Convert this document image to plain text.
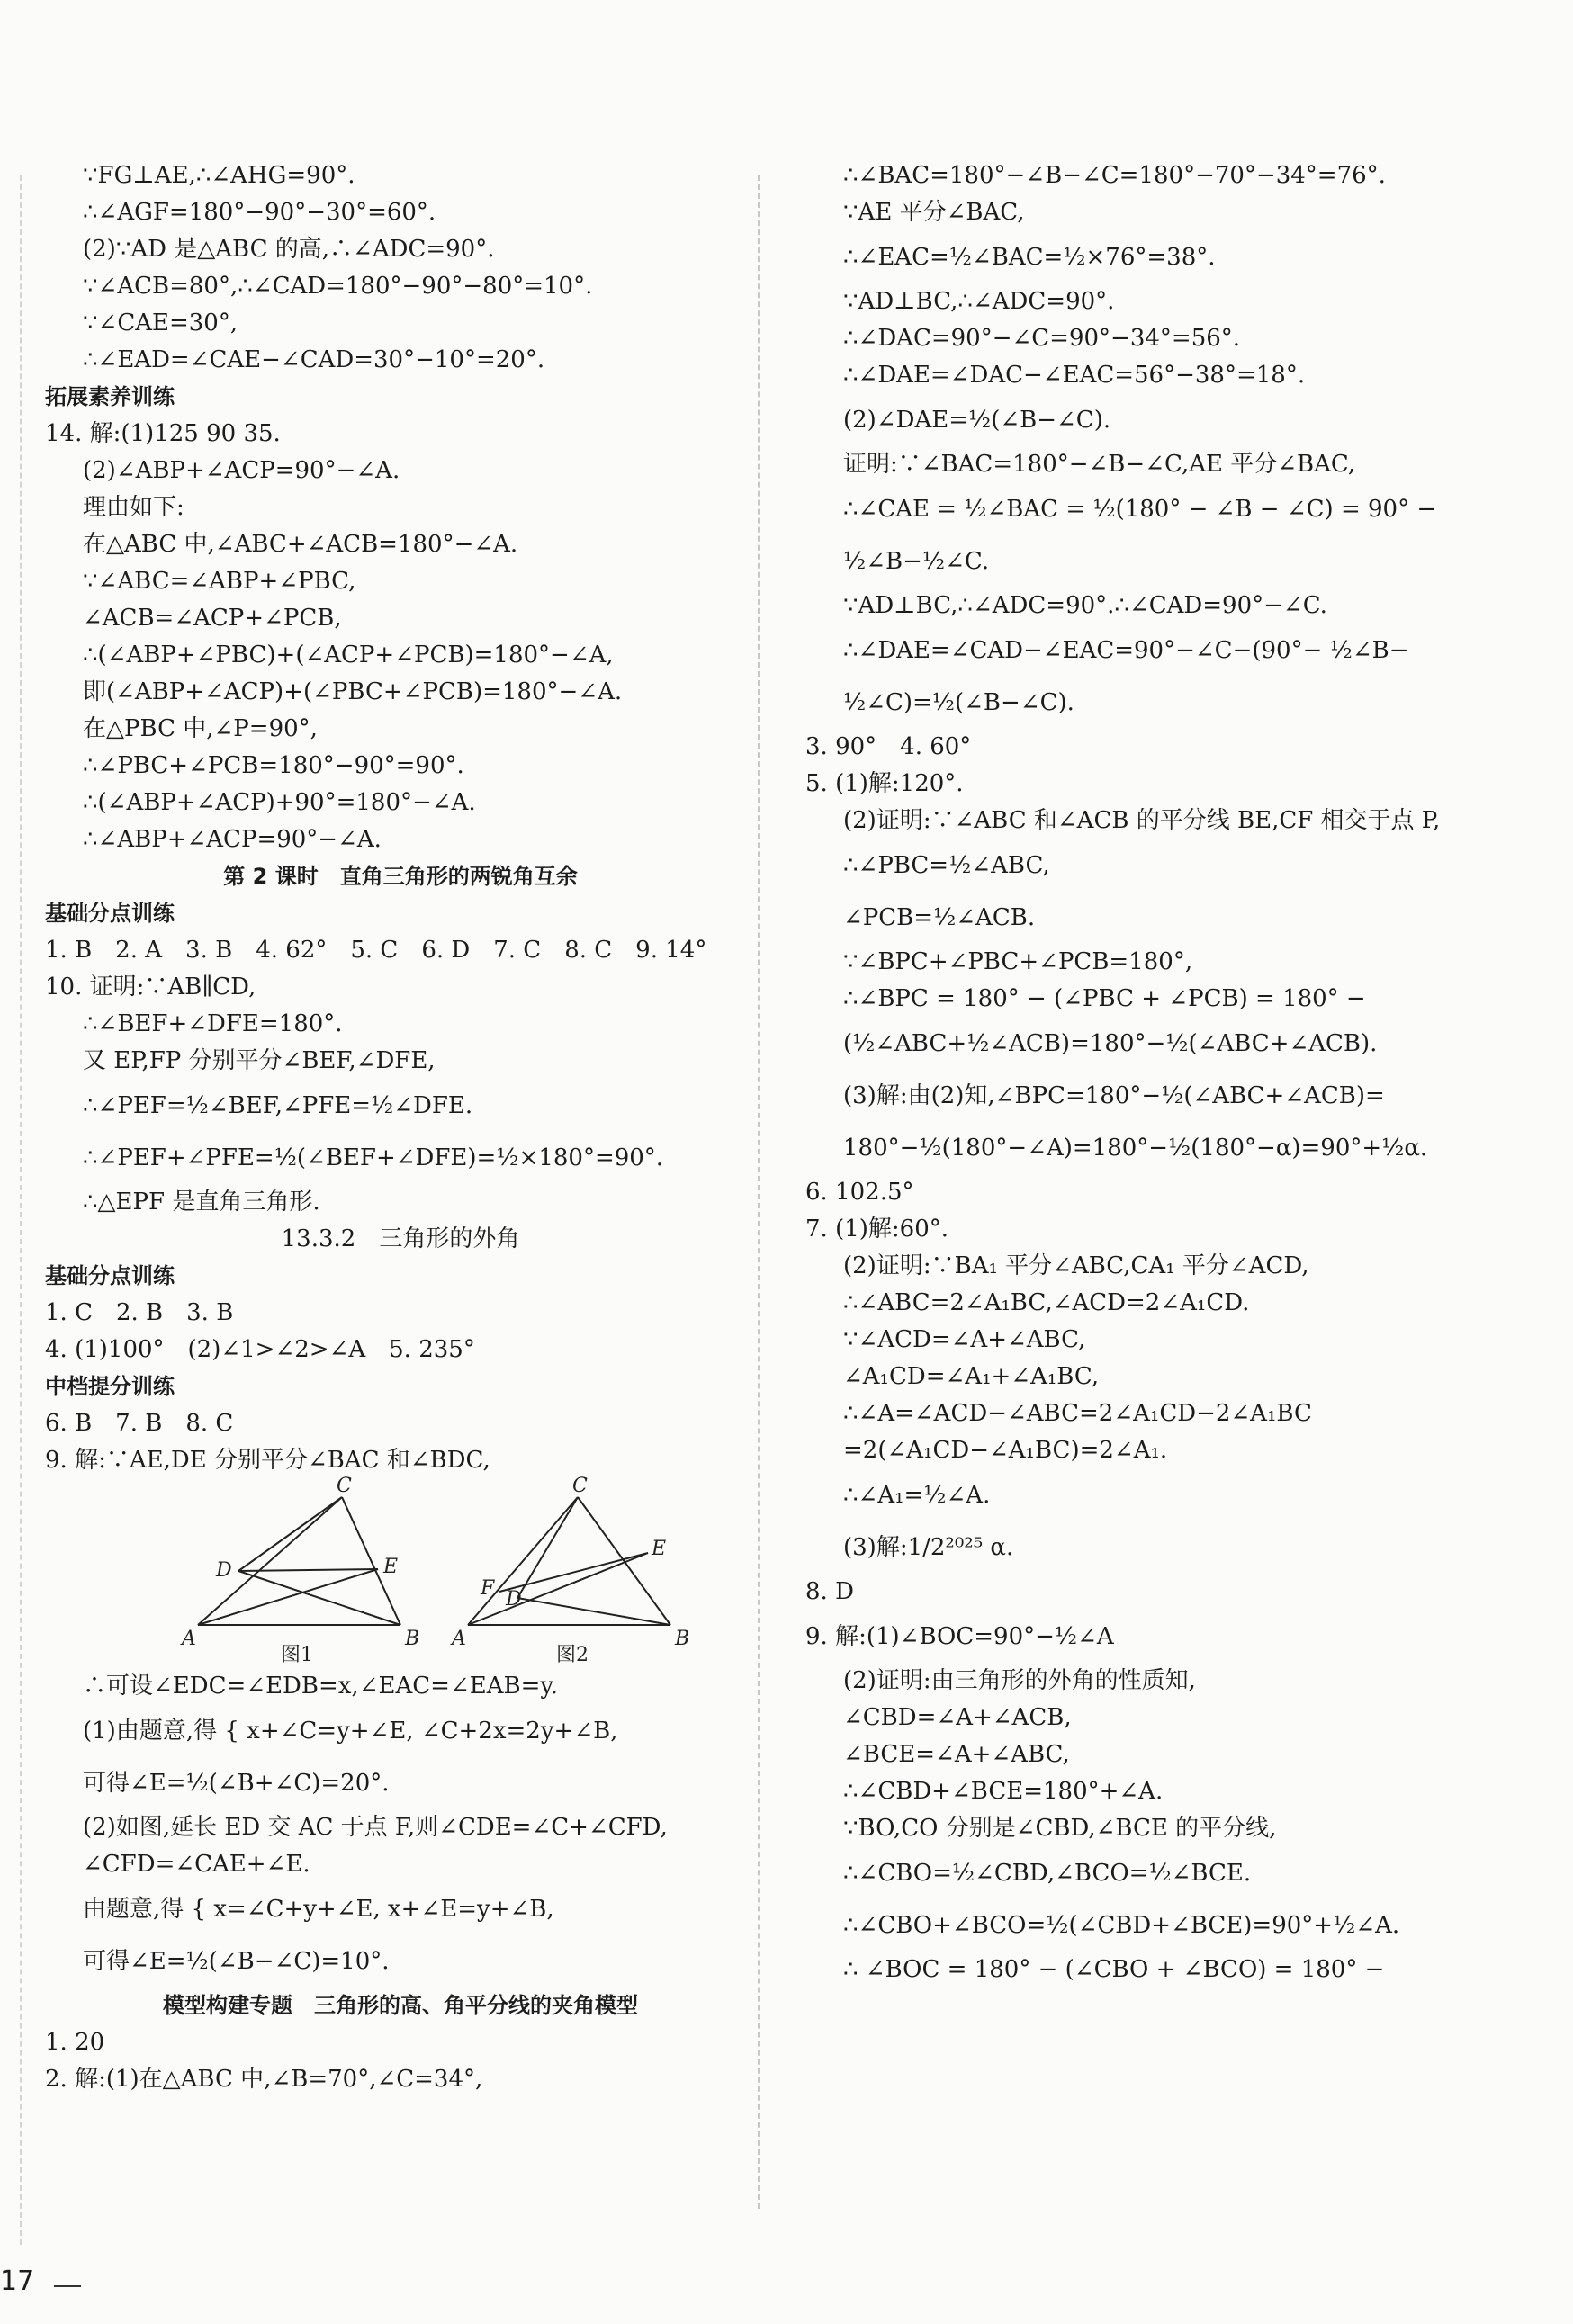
∵FG⊥AE,∴∠AHG=90°.
∴∠AGF=180°−90°−30°=60°.
(2)∵AD 是△ABC 的高,∴∠ADC=90°.
∵∠ACB=80°,∴∠CAD=180°−90°−80°=10°.
∵∠CAE=30°,
∴∠EAD=∠CAE−∠CAD=30°−10°=20°.
拓展素养训练
14. 解:(1)125 90 35.
(2)∠ABP+∠ACP=90°−∠A.
理由如下:
在△ABC 中,∠ABC+∠ACB=180°−∠A.
∵∠ABC=∠ABP+∠PBC,
∠ACB=∠ACP+∠PCB,
∴(∠ABP+∠PBC)+(∠ACP+∠PCB)=180°−∠A,
即(∠ABP+∠ACP)+(∠PBC+∠PCB)=180°−∠A.
在△PBC 中,∠P=90°,
∴∠PBC+∠PCB=180°−90°=90°.
∴(∠ABP+∠ACP)+90°=180°−∠A.
∴∠ABP+∠ACP=90°−∠A.
第 2 课时　直角三角形的两锐角互余
基础分点训练
1. B　2. A　3. B　4. 62°　5. C　6. D　7. C　8. C　9. 14°
10. 证明:∵AB∥CD,
∴∠BEF+∠DFE=180°.
又 EP,FP 分别平分∠BEF,∠DFE,
∴∠PEF=½∠BEF,∠PFE=½∠DFE.
∴∠PEF+∠PFE=½(∠BEF+∠DFE)=½×180°=90°.
∴△EPF 是直角三角形.
13.3.2　三角形的外角
基础分点训练
1. C　2. B　3. B
4. (1)100°　(2)∠1>∠2>∠A　5. 235°
中档提分训练
6. B　7. B　8. C
9. 解:∵AE,DE 分别平分∠BAC 和∠BDC,
C
D	E
A	B
C
E
F D
A	B
图1	图2
∴可设∠EDC=∠EDB=x,∠EAC=∠EAB=y.
(1)由题意,得 { x+∠C=y+∠E, ∠C+2x=2y+∠B,
可得∠E=½(∠B+∠C)=20°.
(2)如图,延长 ED 交 AC 于点 F,则∠CDE=∠C+∠CFD,
∠CFD=∠CAE+∠E.
由题意,得 { x=∠C+y+∠E, x+∠E=y+∠B,
可得∠E=½(∠B−∠C)=10°.
模型构建专题　三角形的高、角平分线的夹角模型
1. 20
2. 解:(1)在△ABC 中,∠B=70°,∠C=34°,
∴∠BAC=180°−∠B−∠C=180°−70°−34°=76°.
∵AE 平分∠BAC,
∴∠EAC=½∠BAC=½×76°=38°.
∵AD⊥BC,∴∠ADC=90°.
∴∠DAC=90°−∠C=90°−34°=56°.
∴∠DAE=∠DAC−∠EAC=56°−38°=18°.
(2)∠DAE=½(∠B−∠C).
证明:∵∠BAC=180°−∠B−∠C,AE 平分∠BAC,
∴∠CAE = ½∠BAC = ½(180° − ∠B − ∠C) = 90° −
½∠B−½∠C.
∵AD⊥BC,∴∠ADC=90°.∴∠CAD=90°−∠C.
∴∠DAE=∠CAD−∠EAC=90°−∠C−(90°− ½∠B−
½∠C)=½(∠B−∠C).
3. 90°　4. 60°
5. (1)解:120°.
(2)证明:∵∠ABC 和∠ACB 的平分线 BE,CF 相交于点 P,
∴∠PBC=½∠ABC,
∠PCB=½∠ACB.
∵∠BPC+∠PBC+∠PCB=180°,
∴∠BPC = 180° − (∠PBC + ∠PCB) = 180° −
(½∠ABC+½∠ACB)=180°−½(∠ABC+∠ACB).
(3)解:由(2)知,∠BPC=180°−½(∠ABC+∠ACB)=
180°−½(180°−∠A)=180°−½(180°−α)=90°+½α.
6. 102.5°
7. (1)解:60°.
(2)证明:∵BA₁ 平分∠ABC,CA₁ 平分∠ACD,
∴∠ABC=2∠A₁BC,∠ACD=2∠A₁CD.
∵∠ACD=∠A+∠ABC,
∠A₁CD=∠A₁+∠A₁BC,
∴∠A=∠ACD−∠ABC=2∠A₁CD−2∠A₁BC
=2(∠A₁CD−∠A₁BC)=2∠A₁.
∴∠A₁=½∠A.
(3)解:1/2²⁰²⁵ α.
8. D
9. 解:(1)∠BOC=90°−½∠A
(2)证明:由三角形的外角的性质知,
∠CBD=∠A+∠ACB,
∠BCE=∠A+∠ABC,
∴∠CBD+∠BCE=180°+∠A.
∵BO,CO 分别是∠CBD,∠BCE 的平分线,
∴∠CBO=½∠CBD,∠BCO=½∠BCE.
∴∠CBO+∠BCO=½(∠CBD+∠BCE)=90°+½∠A.
∴ ∠BOC = 180° − (∠CBO + ∠BCO) = 180° −
17
